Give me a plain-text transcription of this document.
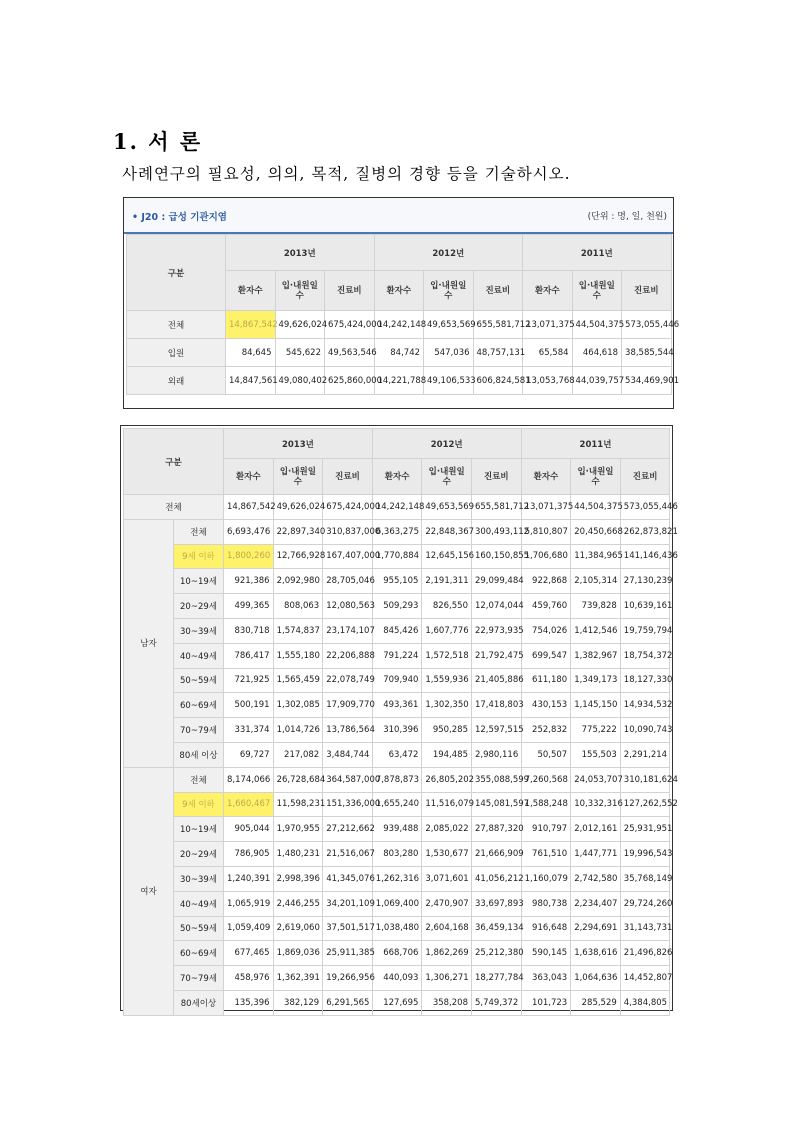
1. 서 론

사례연구의 필요성, 의의, 목적, 질병의 경향 등을 기술하시오.

• J20 : 급성 기관지염	(단위 : 명, 일, 천원)
구분	2013년			2012년			2011년		
	환자수	입·내원일수	진료비	환자수	입·내원일수	진료비	환자수	입·내원일수	진료비
전체	14,867,542	49,626,024	675,424,000	14,242,148	49,653,569	655,581,712	13,071,375	44,504,375	573,055,446
입원	84,645	545,622	49,563,546	84,742	547,036	48,757,131	65,584	464,618	38,585,544
외래	14,847,561	49,080,402	625,860,000	14,221,788	49,106,533	606,824,581	13,053,768	44,039,757	534,469,901
구분		2013년			2012년			2011년		
		환자수	입·내원일수	진료비	환자수	입·내원일수	진료비	환자수	입·내원일수	진료비
전체		14,867,542	49,626,024	675,424,000	14,242,148	49,653,569	655,581,712	13,071,375	44,504,375	573,055,446
남자	전체	6,693,476	22,897,340	310,837,000	6,363,275	22,848,367	300,493,112	5,810,807	20,450,668	262,873,821
	9세 이하	1,800,260	12,766,928	167,407,000	1,770,884	12,645,156	160,150,855	1,706,680	11,384,965	141,146,436
	10~19세	921,386	2,092,980	28,705,046	955,105	2,191,311	29,099,484	922,868	2,105,314	27,130,239
	20~29세	499,365	808,063	12,080,563	509,293	826,550	12,074,044	459,760	739,828	10,639,161
	30~39세	830,718	1,574,837	23,174,107	845,426	1,607,776	22,973,935	754,026	1,412,546	19,759,794
	40~49세	786,417	1,555,180	22,206,888	791,224	1,572,518	21,792,475	699,547	1,382,967	18,754,372
	50~59세	721,925	1,565,459	22,078,749	709,940	1,559,936	21,405,886	611,180	1,349,173	18,127,330
	60~69세	500,191	1,302,085	17,909,770	493,361	1,302,350	17,418,803	430,153	1,145,150	14,934,532
	70~79세	331,374	1,014,726	13,786,564	310,396	950,285	12,597,515	252,832	775,222	10,090,743
	80세 이상	69,727	217,082	3,484,744	63,472	194,485	2,980,116	50,507	155,503	2,291,214
여자	전체	8,174,066	26,728,684	364,587,000	7,878,873	26,805,202	355,088,599	7,260,568	24,053,707	310,181,624
	9세 이하	1,660,467	11,598,231	151,336,000	1,655,240	11,516,079	145,081,597	1,588,248	10,332,316	127,262,552
	10~19세	905,044	1,970,955	27,212,662	939,488	2,085,022	27,887,320	910,797	2,012,161	25,931,951
	20~29세	786,905	1,480,231	21,516,067	803,280	1,530,677	21,666,909	761,510	1,447,771	19,996,543
	30~39세	1,240,391	2,998,396	41,345,076	1,262,316	3,071,601	41,056,212	1,160,079	2,742,580	35,768,149
	40~49세	1,065,919	2,446,255	34,201,109	1,069,400	2,470,907	33,697,893	980,738	2,234,407	29,724,260
	50~59세	1,059,409	2,619,060	37,501,517	1,038,480	2,604,168	36,459,134	916,648	2,294,691	31,143,731
	60~69세	677,465	1,869,036	25,911,385	668,706	1,862,269	25,212,380	590,145	1,638,616	21,496,826
	70~79세	458,976	1,362,391	19,266,956	440,093	1,306,271	18,277,784	363,043	1,064,636	14,452,807
	80세이상	135,396	382,129	6,291,565	127,695	358,208	5,749,372	101,723	285,529	4,384,805
